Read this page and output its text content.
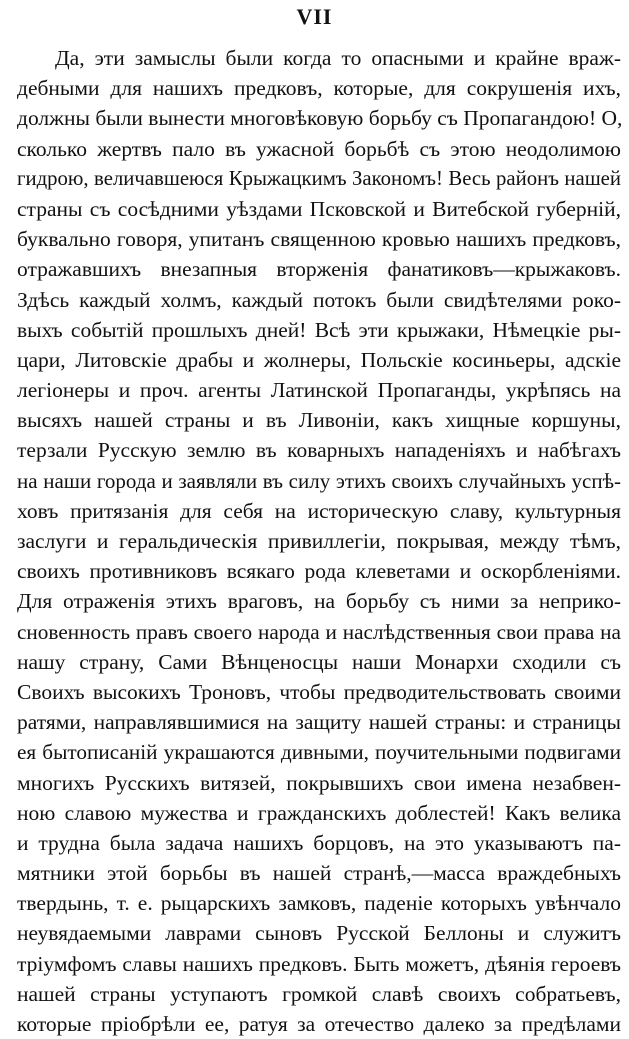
VII
Да, эти замыслы были когда то опасными и крайне враж-
дебными для нашихъ предковъ, которые, для сокрушенія ихъ,
должны были вынести многовѣковую борьбу съ Пропагандою! О,
сколько жертвъ пало въ ужасной борьбѣ съ этою неодолимою
гидрою, величавшеюся Крыжацкимъ Закономъ! Весь районъ нашей
страны съ сосѣдними уѣздами Псковской и Витебской губерній,
буквально говоря, упитанъ священною кровью нашихъ предковъ,
отражавшихъ внезапныя вторженія фанатиковъ—крыжаковъ.
Здѣсь каждый холмъ, каждый потокъ были свидѣтелями роко-
выхъ событій прошлыхъ дней! Всѣ эти крыжаки, Нѣмецкіе ры-
цари, Литовскіе драбы и жолнеры, Польскіе косиньеры, адскіе
легіонеры и проч. агенты Латинской Пропаганды, укрѣпясь на
высяхъ нашей страны и въ Ливоніи, какъ хищные коршуны,
терзали Русскую землю въ коварныхъ нападеніяхъ и набѣгахъ
на наши города и заявляли въ силу этихъ своихъ случайныхъ успѣ-
ховъ притязанія для себя на историческую славу, культурныя
заслуги и геральдическія привиллегіи, покрывая, между тѣмъ,
своихъ противниковъ всякаго рода клеветами и оскорбленіями.
Для отраженія этихъ враговъ, на борьбу съ ними за неприко-
сновенность правъ своего народа и наслѣдственныя свои права на
нашу страну, Сами Вѣнценосцы наши Монархи сходили съ
Своихъ высокихъ Троновъ, чтобы предводительствовать своими
ратями, направлявшимися на защиту нашей страны: и страницы
ея бытописаній украшаются дивными, поучительными подвигами
многихъ Русскихъ витязей, покрывшихъ свои имена незабвен-
ною славою мужества и гражданскихъ доблестей! Какъ велика
и трудна была задача нашихъ борцовъ, на это указываютъ па-
мятники этой борьбы въ нашей странѣ,—масса враждебныхъ
твердынь, т. е. рыцарскихъ замковъ, паденіе которыхъ увѣнчало
неувядаемыми лаврами сыновъ Русской Беллоны и служитъ
тріумфомъ славы нашихъ предковъ. Быть можетъ, дѣянія героевъ
нашей страны уступаютъ громкой славѣ своихъ собратьевъ,
которые пріобрѣли ее, ратуя за отечество далеко за предѣлами
